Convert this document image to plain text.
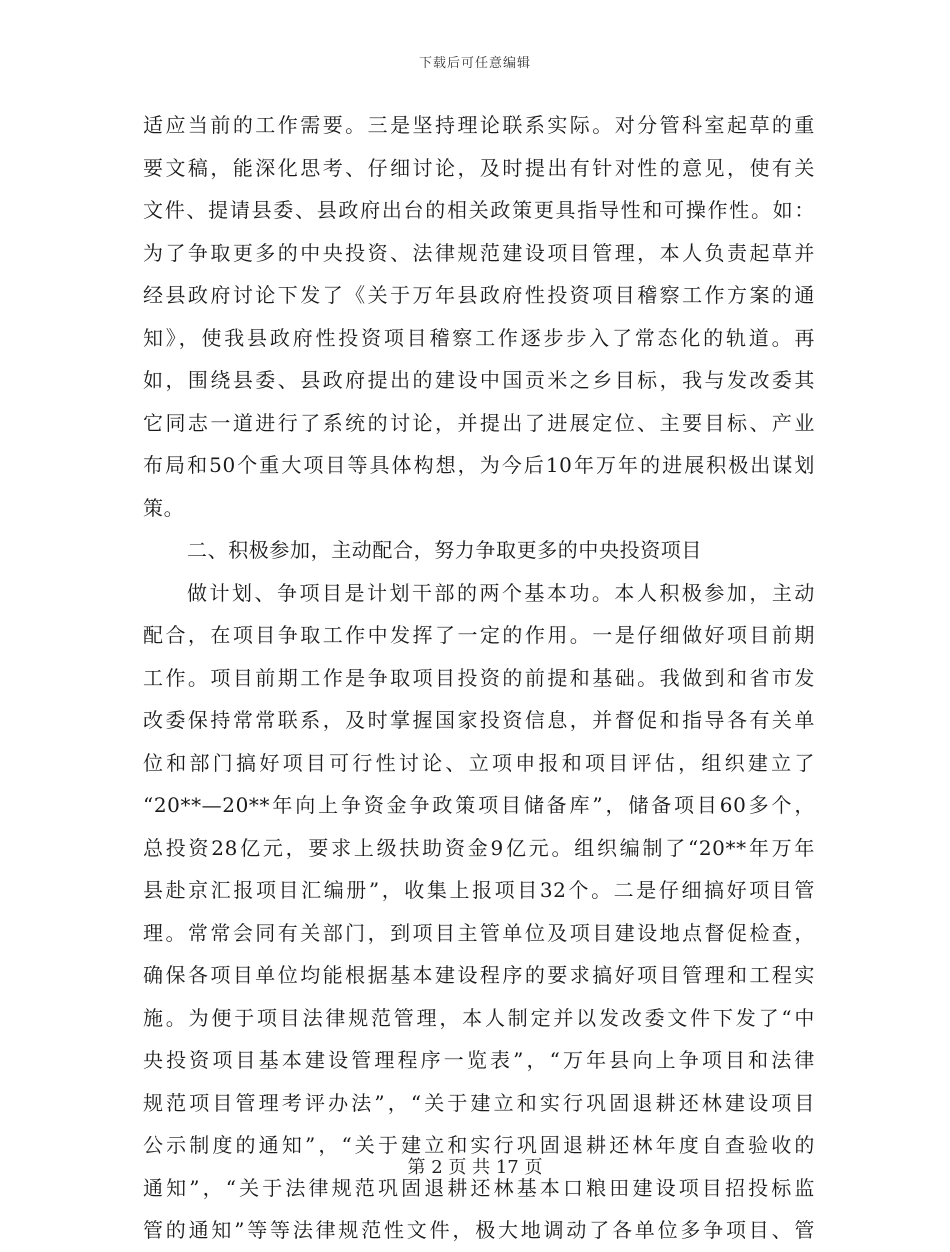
下载后可任意编辑
适应当前的工作需要。三是坚持理论联系实际。对分管科室起草的重
要文稿，能深化思考、仔细讨论，及时提出有针对性的意见，使有关
文件、提请县委、县政府出台的相关政策更具指导性和可操作性。如：
为了争取更多的中央投资、法律规范建设项目管理，本人负责起草并
经县政府讨论下发了《关于万年县政府性投资项目稽察工作方案的通
知》，使我县政府性投资项目稽察工作逐步步入了常态化的轨道。再
如，围绕县委、县政府提出的建设中国贡米之乡目标，我与发改委其
它同志一道进行了系统的讨论，并提出了进展定位、主要目标、产业
布局和50个重大项目等具体构想，为今后10年万年的进展积极出谋划
策。
二、积极参加，主动配合，努力争取更多的中央投资项目
做计划、争项目是计划干部的两个基本功。本人积极参加，主动
配合，在项目争取工作中发挥了一定的作用。一是仔细做好项目前期
工作。项目前期工作是争取项目投资的前提和基础。我做到和省市发
改委保持常常联系，及时掌握国家投资信息，并督促和指导各有关单
位和部门搞好项目可行性讨论、立项申报和项目评估，组织建立了
“20**—20**年向上争资金争政策项目储备库”，储备项目60多个，
总投资28亿元，要求上级扶助资金9亿元。组织编制了“20**年万年
县赴京汇报项目汇编册”，收集上报项目32个。二是仔细搞好项目管
理。常常会同有关部门，到项目主管单位及项目建设地点督促检查，
确保各项目单位均能根据基本建设程序的要求搞好项目管理和工程实
施。为便于项目法律规范管理，本人制定并以发改委文件下发了“中
央投资项目基本建设管理程序一览表”，“万年县向上争项目和法律
规范项目管理考评办法”，“关于建立和实行巩固退耕还林建设项目
公示制度的通知”，“关于建立和实行巩固退耕还林年度自查验收的
通知”，“关于法律规范巩固退耕还林基本口粮田建设项目招投标监
管的通知”等等法律规范性文件，极大地调动了各单位多争项目、管
第 2 页 共 17 页
